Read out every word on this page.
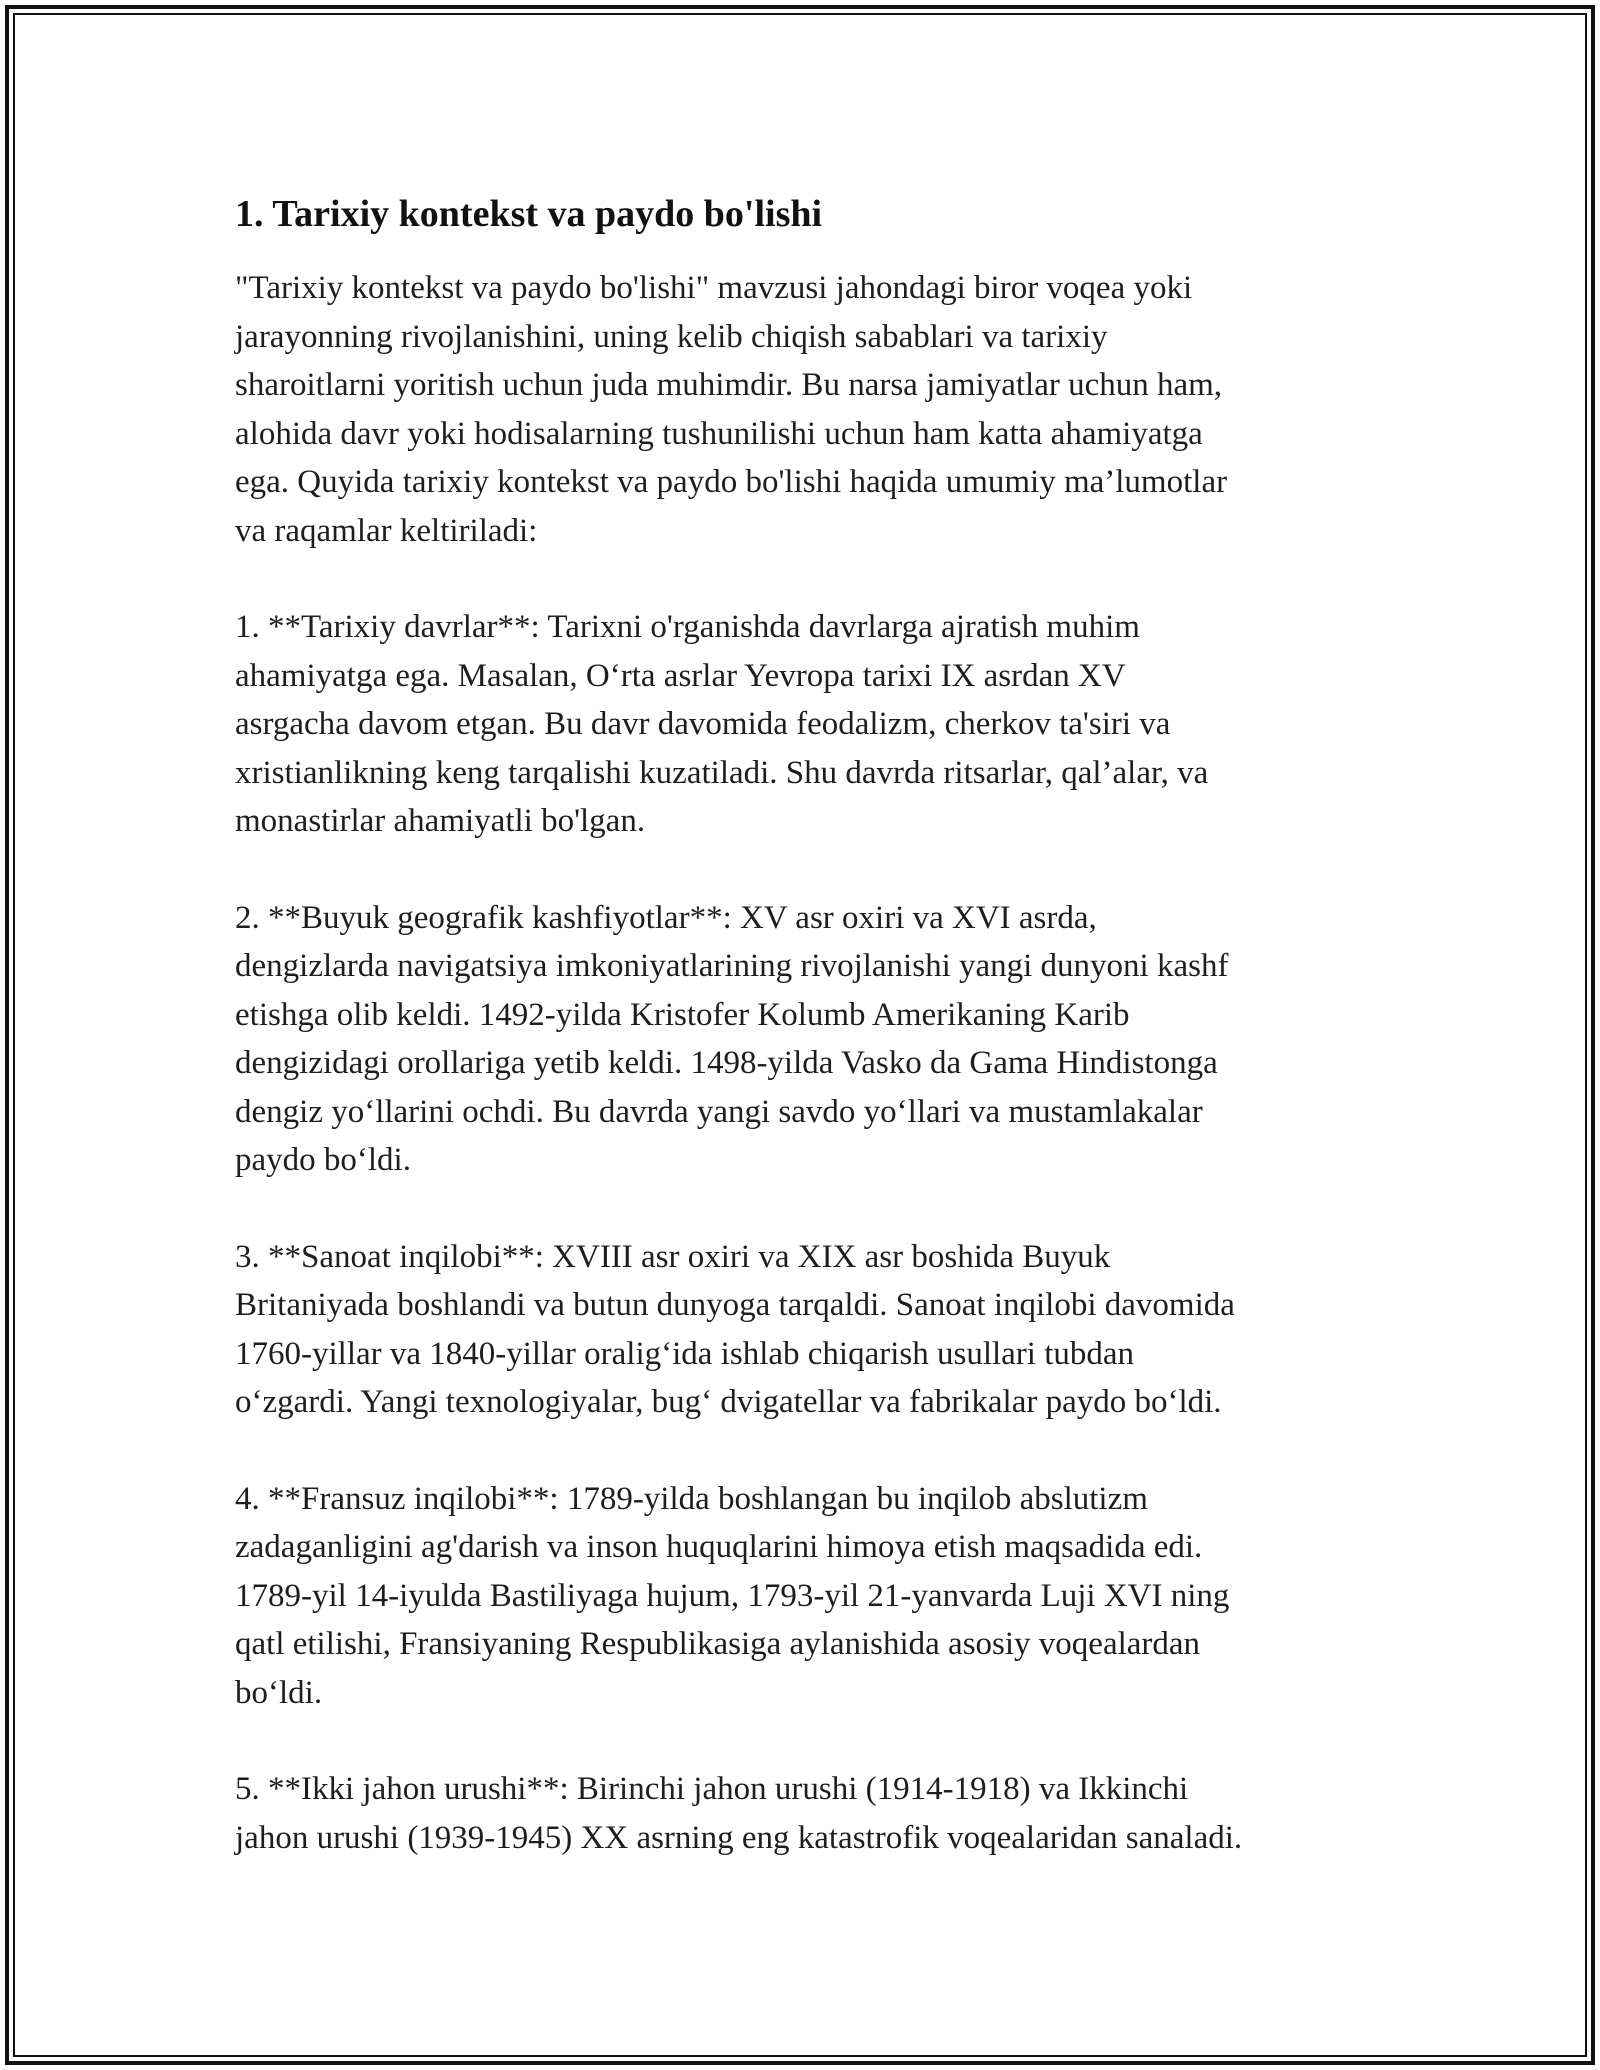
1. Tarixiy kontekst va paydo bo'lishi

"Tarixiy kontekst va paydo bo'lishi" mavzusi jahondagi biror voqea yoki
jarayonning rivojlanishini, uning kelib chiqish sabablari va tarixiy
sharoitlarni yoritish uchun juda muhimdir. Bu narsa jamiyatlar uchun ham,
alohida davr yoki hodisalarning tushunilishi uchun ham katta ahamiyatga
ega. Quyida tarixiy kontekst va paydo bo'lishi haqida umumiy ma’lumotlar
va raqamlar keltiriladi:

1. **Tarixiy davrlar**: Tarixni o'rganishda davrlarga ajratish muhim
ahamiyatga ega. Masalan, O‘rta asrlar Yevropa tarixi IX asrdan XV
asrgacha davom etgan. Bu davr davomida feodalizm, cherkov ta'siri va
xristianlikning keng tarqalishi kuzatiladi. Shu davrda ritsarlar, qal’alar, va
monastirlar ahamiyatli bo'lgan.

2. **Buyuk geografik kashfiyotlar**: XV asr oxiri va XVI asrda,
dengizlarda navigatsiya imkoniyatlarining rivojlanishi yangi dunyoni kashf
etishga olib keldi. 1492-yilda Kristofer Kolumb Amerikaning Karib
dengizidagi orollariga yetib keldi. 1498-yilda Vasko da Gama Hindistonga
dengiz yo‘llarini ochdi. Bu davrda yangi savdo yo‘llari va mustamlakalar
paydo bo‘ldi.

3. **Sanoat inqilobi**: XVIII asr oxiri va XIX asr boshida Buyuk
Britaniyada boshlandi va butun dunyoga tarqaldi. Sanoat inqilobi davomida
1760-yillar va 1840-yillar oralig‘ida ishlab chiqarish usullari tubdan
o‘zgardi. Yangi texnologiyalar, bug‘ dvigatellar va fabrikalar paydo bo‘ldi.

4. **Fransuz inqilobi**: 1789-yilda boshlangan bu inqilob abslutizm
zadaganligini ag'darish va inson huquqlarini himoya etish maqsadida edi.
1789-yil 14-iyulda Bastiliyaga hujum, 1793-yil 21-yanvarda Luji XVI ning
qatl etilishi, Fransiyaning Respublikasiga aylanishida asosiy voqealardan
bo‘ldi.

5. **Ikki jahon urushi**: Birinchi jahon urushi (1914-1918) va Ikkinchi
jahon urushi (1939-1945) XX asrning eng katastrofik voqealaridan sanaladi.
